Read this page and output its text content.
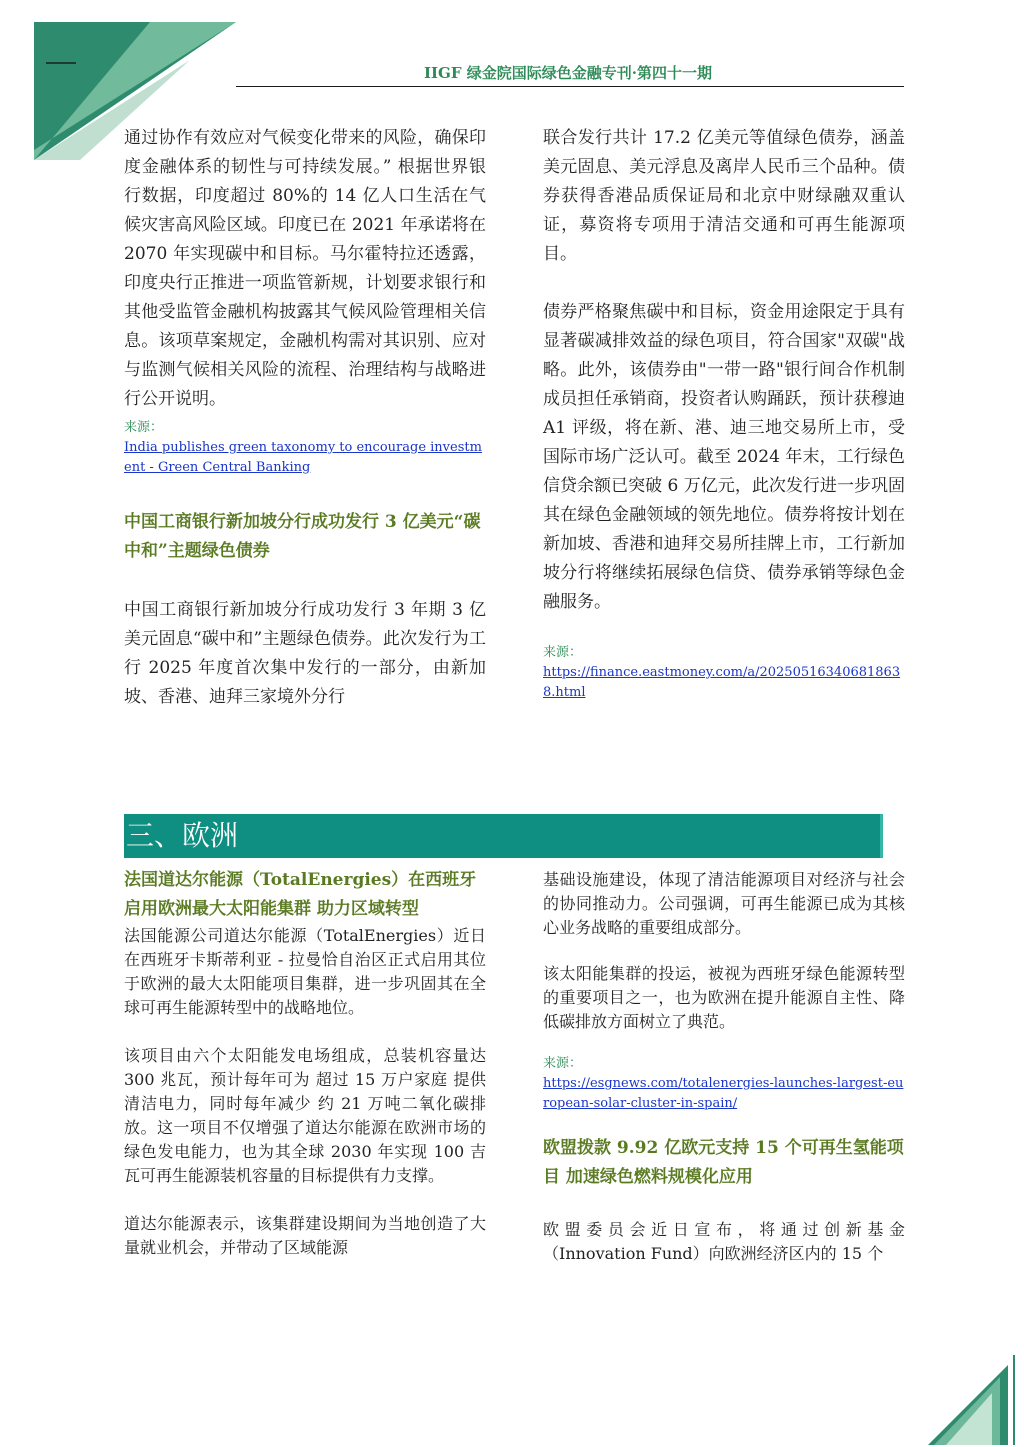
IIGF 绿金院国际绿色金融专刊·第四十一期

通过协作有效应对气候变化带来的风险，确保印度金融体系的韧性与可持续发展。” 根据世界银行数据，印度超过 80%的 14 亿人口生活在气候灾害高风险区域。印度已在 2021 年承诺将在 2070 年实现碳中和目标。马尔霍特拉还透露，印度央行正推进一项监管新规，计划要求银行和其他受监管金融机构披露其气候风险管理相关信息。该项草案规定，金融机构需对其识别、应对与监测气候相关风险的流程、治理结构与战略进行公开说明。

来源：

India publishes green taxonomy to encourage investment - Green Central Banking

中国工商银行新加坡分行成功发行 3 亿美元“碳中和”主题绿色债券

中国工商银行新加坡分行成功发行 3 年期 3 亿美元固息“碳中和”主题绿色债券。此次发行为工行 2025 年度首次集中发行的一部分，由新加坡、香港、迪拜三家境外分行

联合发行共计 17.2 亿美元等值绿色债券，涵盖美元固息、美元浮息及离岸人民币三个品种。债券获得香港品质保证局和北京中财绿融双重认证，募资将专项用于清洁交通和可再生能源项目。

债券严格聚焦碳中和目标，资金用途限定于具有显著碳减排效益的绿色项目，符合国家"双碳"战略。此外，该债券由"一带一路"银行间合作机制成员担任承销商，投资者认购踊跃，预计获穆迪 A1 评级，将在新、港、迪三地交易所上市，受国际市场广泛认可。截至 2024 年末，工行绿色信贷余额已突破 6 万亿元，此次发行进一步巩固其在绿色金融领域的领先地位。债券将按计划在新加坡、香港和迪拜交易所挂牌上市，工行新加坡分行将继续拓展绿色信贷、债券承销等绿色金融服务。

来源：

https://finance.eastmoney.com/a/202505163406818638.html

三、欧洲

法国道达尔能源（TotalEnergies）在西班牙启用欧洲最大太阳能集群 助力区域转型

法国能源公司道达尔能源（TotalEnergies）近日在西班牙卡斯蒂利亚 - 拉曼恰自治区正式启用其位于欧洲的最大太阳能项目集群，进一步巩固其在全球可再生能源转型中的战略地位。

该项目由六个太阳能发电场组成，总装机容量达 300 兆瓦，预计每年可为 超过 15 万户家庭 提供清洁电力，同时每年减少 约 21 万吨二氧化碳排放。这一项目不仅增强了道达尔能源在欧洲市场的绿色发电能力，也为其全球 2030 年实现 100 吉瓦可再生能源装机容量的目标提供有力支撑。

道达尔能源表示，该集群建设期间为当地创造了大量就业机会，并带动了区域能源

基础设施建设，体现了清洁能源项目对经济与社会的协同推动力。公司强调，可再生能源已成为其核心业务战略的重要组成部分。

该太阳能集群的投运，被视为西班牙绿色能源转型的重要项目之一，也为欧洲在提升能源自主性、降低碳排放方面树立了典范。

来源：

https://esgnews.com/totalenergies-launches-largest-european-solar-cluster-in-spain/

欧盟拨款 9.92 亿欧元支持 15 个可再生氢能项目 加速绿色燃料规模化应用

欧盟委员会近日宣布，将通过创新基金（Innovation Fund）向欧洲经济区内的 15 个
